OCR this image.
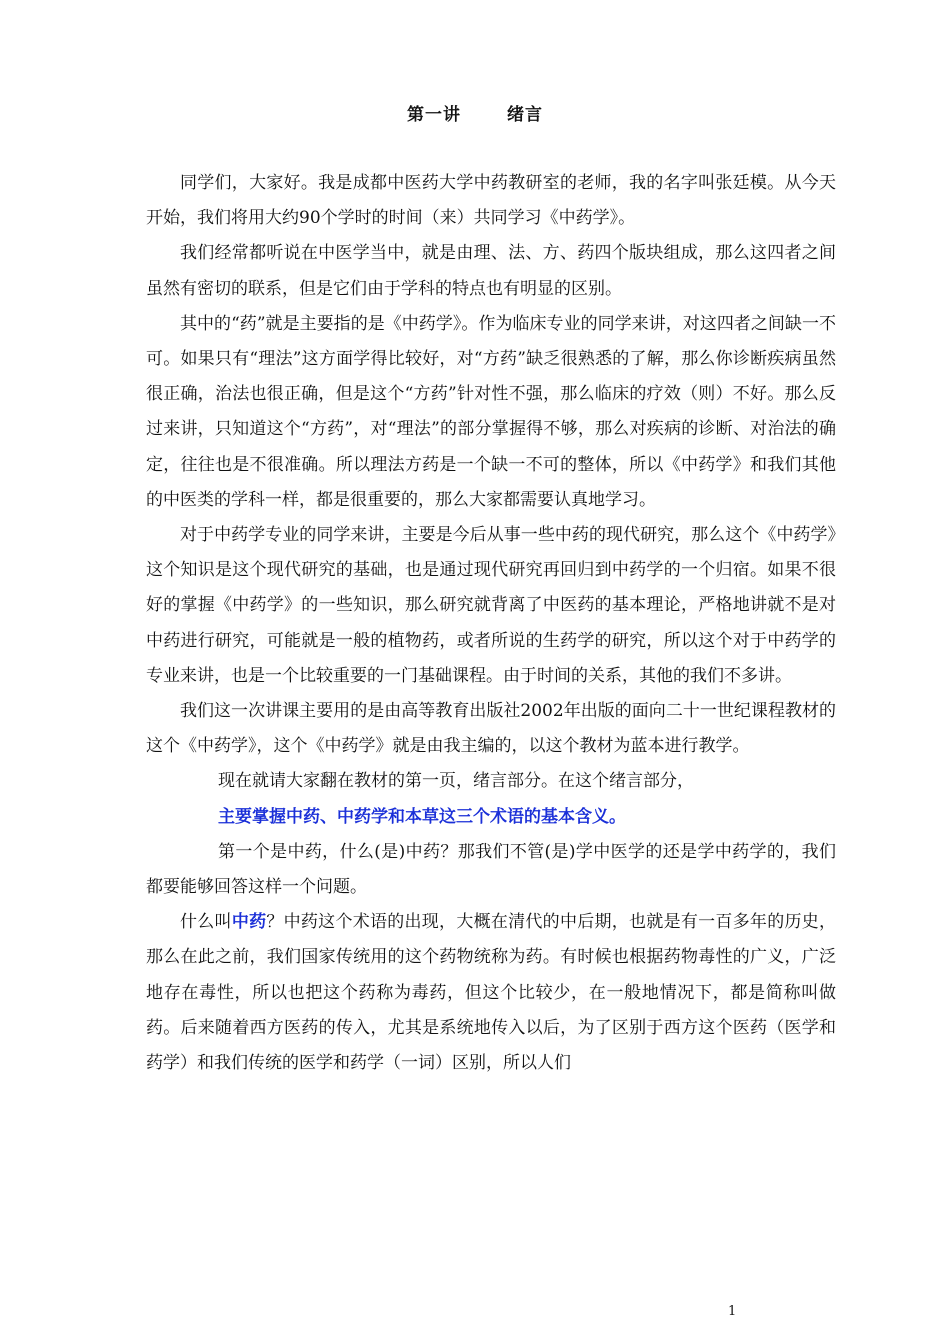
第一讲	绪言

同学们，大家好。我是成都中医药大学中药教研室的老师，我的名字叫张廷模。从今天开始，我们将用大约90个学时的时间（来）共同学习《中药学》。

我们经常都听说在中医学当中，就是由理、法、方、药四个版块组成，那么这四者之间虽然有密切的联系，但是它们由于学科的特点也有明显的区别。

其中的“药”就是主要指的是《中药学》。作为临床专业的同学来讲，对这四者之间缺一不可。如果只有“理法”这方面学得比较好，对“方药”缺乏很熟悉的了解，那么你诊断疾病虽然很正确，治法也很正确，但是这个“方药”针对性不强，那么临床的疗效（则）不好。那么反过来讲，只知道这个“方药”，对“理法”的部分掌握得不够，那么对疾病的诊断、对治法的确定，往往也是不很准确。所以理法方药是一个缺一不可的整体，所以《中药学》和我们其他的中医类的学科一样，都是很重要的，那么大家都需要认真地学习。

对于中药学专业的同学来讲，主要是今后从事一些中药的现代研究，那么这个《中药学》这个知识是这个现代研究的基础，也是通过现代研究再回归到中药学的一个归宿。如果不很好的掌握《中药学》的一些知识，那么研究就背离了中医药的基本理论，严格地讲就不是对中药进行研究，可能就是一般的植物药，或者所说的生药学的研究，所以这个对于中药学的专业来讲，也是一个比较重要的一门基础课程。由于时间的关系，其他的我们不多讲。

我们这一次讲课主要用的是由高等教育出版社2002年出版的面向二十一世纪课程教材的这个《中药学》，这个《中药学》就是由我主编的，以这个教材为蓝本进行教学。

现在就请大家翻在教材的第一页，绪言部分。在这个绪言部分，

主要掌握中药、中药学和本草这三个术语的基本含义。

第一个是中药，什么(是)中药？那我们不管(是)学中医学的还是学中药学的，我们都要能够回答这样一个问题。

什么叫中药？中药这个术语的出现，大概在清代的中后期，也就是有一百多年的历史，那么在此之前，我们国家传统用的这个药物统称为药。有时候也根据药物毒性的广义，广泛地存在毒性，所以也把这个药称为毒药，但这个比较少，在一般地情况下，都是简称叫做药。后来随着西方医药的传入，尤其是系统地传入以后，为了区别于西方这个医药（医学和药学）和我们传统的医学和药学（一词）区别，所以人们

1
